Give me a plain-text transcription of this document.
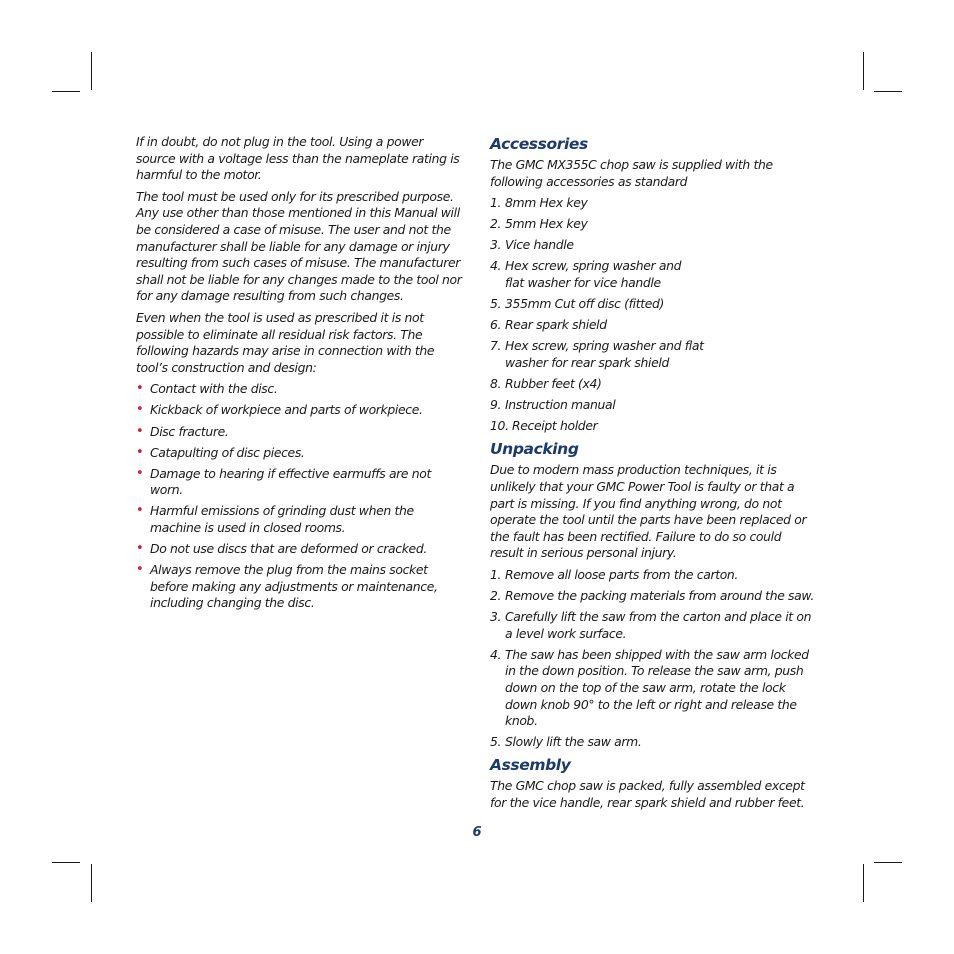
If in doubt, do not plug in the tool. Using a power source with a voltage less than the nameplate rating is harmful to the motor.

The tool must be used only for its prescribed purpose. Any use other than those mentioned in this Manual will be considered a case of misuse. The user and not the manufacturer shall be liable for any damage or injury resulting from such cases of misuse. The manufacturer shall not be liable for any changes made to the tool nor for any damage resulting from such changes.

Even when the tool is used as prescribed it is not possible to eliminate all residual risk factors. The following hazards may arise in connection with the tool’s construction and design:

• Contact with the disc.
• Kickback of workpiece and parts of workpiece.
• Disc fracture.
• Catapulting of disc pieces.
• Damage to hearing if effective earmuffs are not worn.
• Harmful emissions of grinding dust when the machine is used in closed rooms.
• Do not use discs that are deformed or cracked.
• Always remove the plug from the mains socket before making any adjustments or maintenance, including changing the disc.
Accessories

The GMC MX355C chop saw is supplied with the following accessories as standard

1. 8mm Hex key
2. 5mm Hex key
3. Vice handle
4. Hex screw, spring washer and flat washer for vice handle
5. 355mm Cut off disc (fitted)
6. Rear spark shield
7. Hex screw, spring washer and flat washer for rear spark shield
8. Rubber feet (x4)
9. Instruction manual
10. Receipt holder
Unpacking

Due to modern mass production techniques, it is unlikely that your GMC Power Tool is faulty or that a part is missing. If you find anything wrong, do not operate the tool until the parts have been replaced or the fault has been rectified. Failure to do so could result in serious personal injury.

1. Remove all loose parts from the carton.
2. Remove the packing materials from around the saw.
3. Carefully lift the saw from the carton and place it on a level work surface.
4. The saw has been shipped with the saw arm locked in the down position. To release the saw arm, push down on the top of the saw arm, rotate the lock down knob 90° to the left or right and release the knob.
5. Slowly lift the saw arm.
Assembly

The GMC chop saw is packed, fully assembled except for the vice handle, rear spark shield and rubber feet.

6
